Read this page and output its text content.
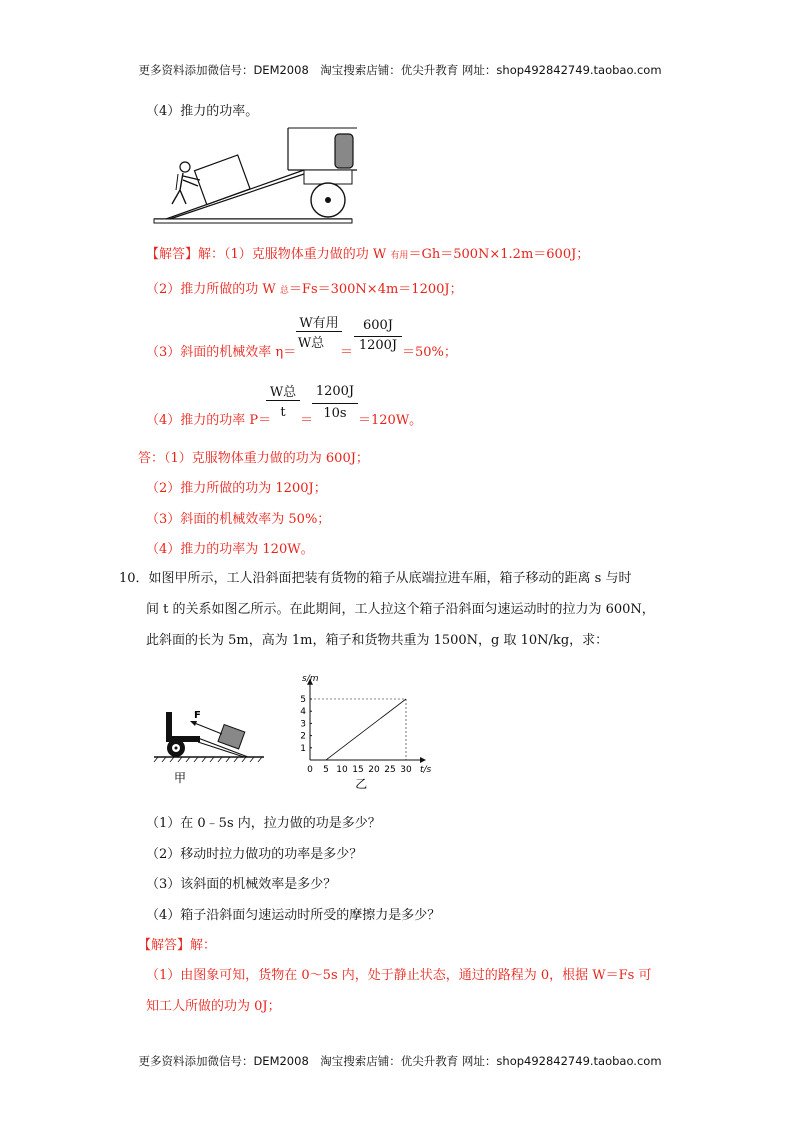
更多资料添加微信号：DEM2008　淘宝搜索店铺：优尖升教育 网址：shop492842749.taobao.com
（4）推力的功率。
【解答】解：（1）克服物体重力做的功 W 有用＝Gh＝500N×1.2m＝600J；
（2）推力所做的功 W 总＝Fs＝300N×4m＝1200J；
（3）斜面的机械效率 η＝
W有用
W总
＝
600J
1200J ＝50%；
（4）推力的功率 P＝
W总
t
＝
1200J
10s ＝120W。
答：（1）克服物体重力做的功为 600J；
（2）推力所做的功为 1200J；
（3）斜面的机械效率为 50%；
（4）推力的功率为 120W。
10．如图甲所示，工人沿斜面把装有货物的箱子从底端拉进车厢，箱子移动的距离 s 与时
间 t 的关系如图乙所示。在此期间，工人拉这个箱子沿斜面匀速运动时的拉力为 600N，
此斜面的长为 5m，高为 1m，箱子和货物共重为 1500N，g 取 10N/kg，求：
F
甲
s/m
t/s
0 5 10 15 20 25 30
1
2
3
4
5
乙
（1）在 0﹣5s 内，拉力做的功是多少？
（2）移动时拉力做功的功率是多少？
（3）该斜面的机械效率是多少？
（4）箱子沿斜面匀速运动时所受的摩擦力是多少？
【解答】解：
（1）由图象可知，货物在 0～5s 内，处于静止状态，通过的路程为 0，根据 W＝Fs 可
知工人所做的功为 0J；
更多资料添加微信号：DEM2008　淘宝搜索店铺：优尖升教育 网址：shop492842749.taobao.com
